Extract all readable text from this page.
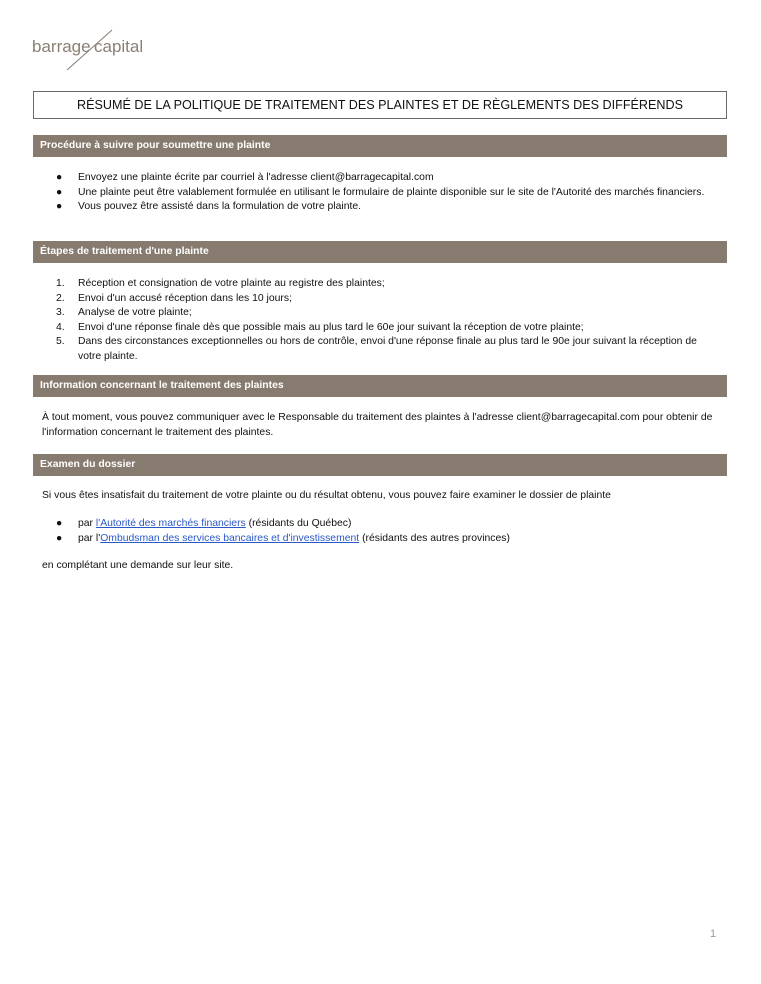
barrage capital
RÉSUMÉ DE LA POLITIQUE DE TRAITEMENT DES PLAINTES ET DE RÈGLEMENTS DES DIFFÉRENDS
Procédure à suivre pour soumettre une plainte
● Envoyez une plainte écrite par courriel à l'adresse client@barragecapital.com
● Une plainte peut être valablement formulée en utilisant le formulaire de plainte disponible sur le site de l'Autorité des marchés financiers.
● Vous pouvez être assisté dans la formulation de votre plainte.
Étapes de traitement d'une plainte
1. Réception et consignation de votre plainte au registre des plaintes;
2. Envoi d'un accusé réception dans les 10 jours;
3. Analyse de votre plainte;
4. Envoi d'une réponse finale dès que possible mais au plus tard le 60e jour suivant la réception de votre plainte;
5. Dans des circonstances exceptionnelles ou hors de contrôle, envoi d'une réponse finale au plus tard le 90e jour suivant la réception de votre plainte.
Information concernant le traitement des plaintes

À tout moment, vous pouvez communiquer avec le Responsable du traitement des plaintes à l'adresse client@barragecapital.com pour obtenir de l'information concernant le traitement des plaintes.

Examen du dossier

Si vous êtes insatisfait du traitement de votre plainte ou du résultat obtenu, vous pouvez faire examiner le dossier de plainte

● par l'Autorité des marchés financiers (résidants du Québec)
● par l'Ombudsman des services bancaires et d'investissement (résidants des autres provinces)

en complétant une demande sur leur site.

1
